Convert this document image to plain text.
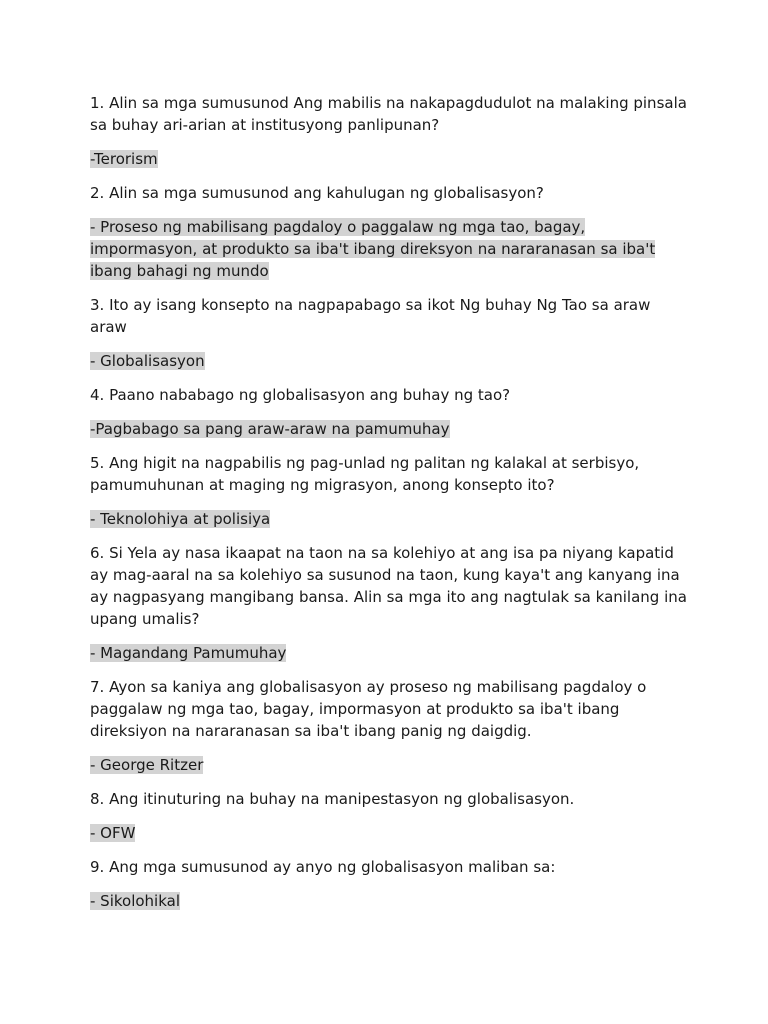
1. Alin sa mga sumusunod Ang mabilis na nakapagdudulot na malaking pinsala sa buhay ari-arian at institusyong panlipunan?

-Terorism

2. Alin sa mga sumusunod ang kahulugan ng globalisasyon?

- Proseso ng mabilisang pagdaloy o paggalaw ng mga tao, bagay, impormasyon, at produkto sa iba't ibang direksyon na nararanasan sa iba't ibang bahagi ng mundo

3. Ito ay isang konsepto na nagpapabago sa ikot Ng buhay Ng Tao sa araw araw

- Globalisasyon

4. Paano nababago ng globalisasyon ang buhay ng tao?

-Pagbabago sa pang araw-araw na pamumuhay

5. Ang higit na nagpabilis ng pag-unlad ng palitan ng kalakal at serbisyo, pamumuhunan at maging ng migrasyon, anong konsepto ito?

- Teknolohiya at polisiya

6. Si Yela ay nasa ikaapat na taon na sa kolehiyo at ang isa pa niyang kapatid ay mag-aaral na sa kolehiyo sa susunod na taon, kung kaya't ang kanyang ina ay nagpasyang mangibang bansa. Alin sa mga ito ang nagtulak sa kanilang ina upang umalis?

- Magandang Pamumuhay

7. Ayon sa kaniya ang globalisasyon ay proseso ng mabilisang pagdaloy o paggalaw ng mga tao, bagay, impormasyon at produkto sa iba't ibang direksiyon na nararanasan sa iba't ibang panig ng daigdig.

- George Ritzer

8. Ang itinuturing na buhay na manipestasyon ng globalisasyon.

- OFW

9. Ang mga sumusunod ay anyo ng globalisasyon maliban sa:

- Sikolohikal
